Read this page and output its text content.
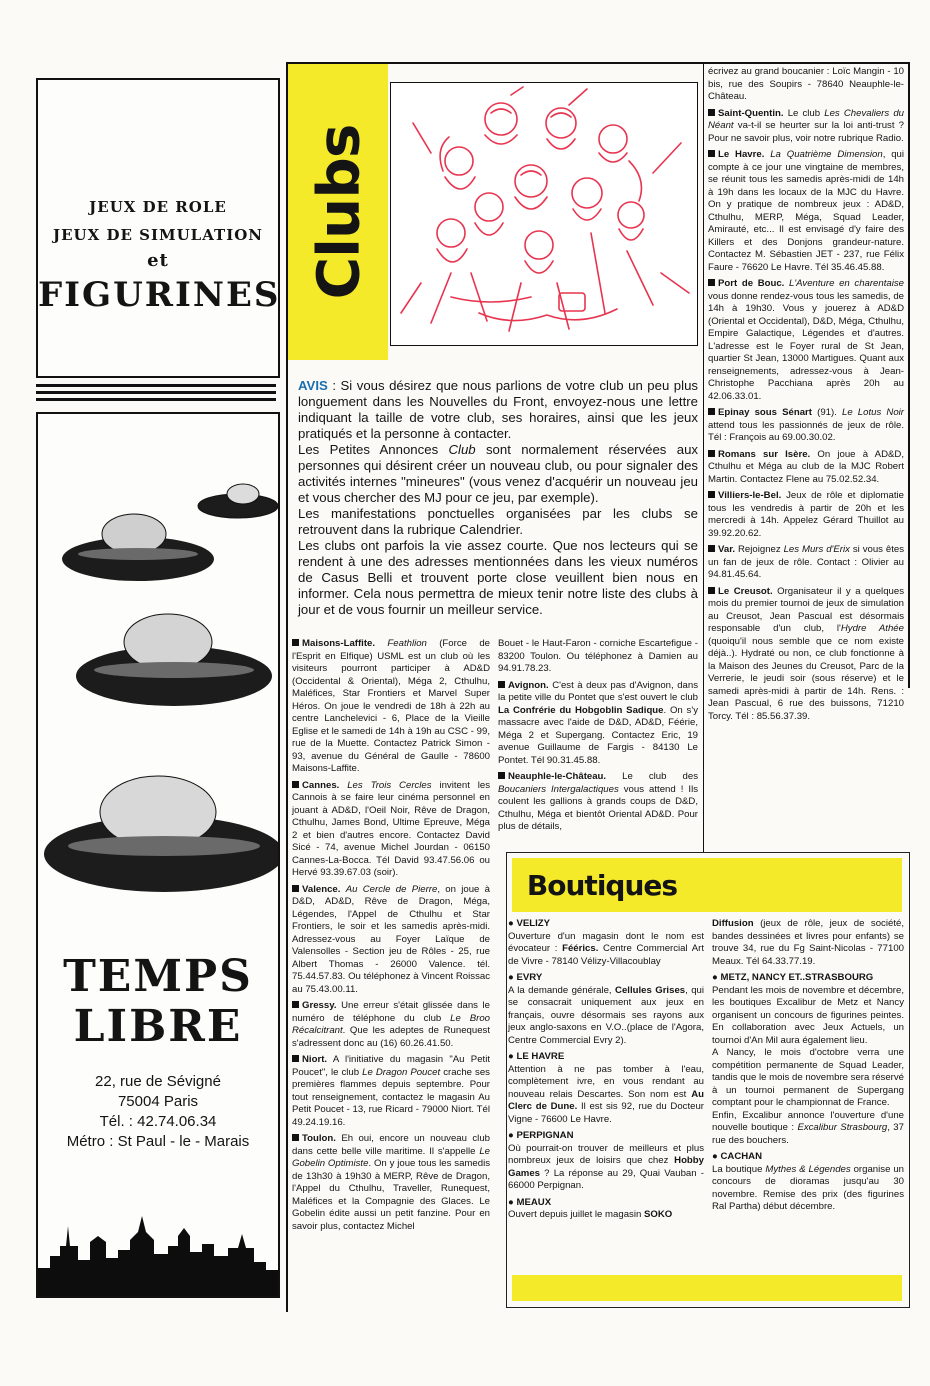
JEUX DE ROLE
JEUX DE SIMULATION
et
FIGURINES
TEMPS
LIBRE
22, rue de Sévigné
75004 Paris
Tél. : 42.74.06.34
Métro : St Paul - le - Marais
Clubs

AVIS : Si vous désirez que nous parlions de votre club un peu plus longuement dans les Nouvelles du Front, envoyez-nous une lettre indiquant la taille de votre club, ses horaires, ainsi que les jeux pratiqués et la personne à contacter.

Les Petites Annonces Club sont normalement réservées aux personnes qui désirent créer un nouveau club, ou pour signaler des activités internes "mineures" (vous venez d'acquérir un nouveau jeu et vous chercher des MJ pour ce jeu, par exemple).

Les manifestations ponctuelles organisées par les clubs se retrouvent dans la rubrique Calendrier.

Les clubs ont parfois la vie assez courte. Que nos lecteurs qui se rendent à une des adresses mentionnées dans les vieux numéros de Casus Belli et trouvent porte close veuillent bien nous en informer. Cela nous permettra de mieux tenir notre liste des clubs à jour et de vous fournir un meilleur service.

Maisons-Laffite. Feathlion (Force de l'Esprit en Elfique) USML est un club où les visiteurs pourront participer à AD&D (Occidental & Oriental), Méga 2, Cthulhu, Maléfices, Star Frontiers et Marvel Super Héros. On joue le vendredi de 18h à 22h au centre Lanchelevici - 6, Place de la Vieille Eglise et le samedi de 14h à 19h au CSC - 99, rue de la Muette. Contactez Patrick Simon - 93, avenue du Général de Gaulle - 78600 Maisons-Laffite.

Cannes. Les Trois Cercles invitent les Cannois à se faire leur cinéma personnel en jouant à AD&D, l'Oeil Noir, Rêve de Dragon, Cthulhu, James Bond, Ultime Epreuve, Méga 2 et bien d'autres encore. Contactez David Sicé - 74, avenue Michel Jourdan - 06150 Cannes-La-Bocca. Tél David 93.47.56.06 ou Hervé 93.39.67.03 (soir).

Valence. Au Cercle de Pierre, on joue à D&D, AD&D, Rêve de Dragon, Méga, Légendes, l'Appel de Cthulhu et Star Frontiers, le soir et les samedis après-midi. Adressez-vous au Foyer Laïque de Valensolles - Section jeu de Rôles - 25, rue Albert Thomas - 26000 Valence. tél. 75.44.57.83. Ou téléphonez à Vincent Roissac au 75.43.00.11.

Gressy. Une erreur s'était glissée dans le numéro de téléphone du club Le Broo Récalcitrant. Que les adeptes de Runequest s'adressent donc au (16) 60.26.41.50.

Niort. A l'initiative du magasin "Au Petit Poucet", le club Le Dragon Poucet crache ses premières flammes depuis septembre. Pour tout renseignement, contactez le magasin Au Petit Poucet - 13, rue Ricard - 79000 Niort. Tél 49.24.19.16.

Toulon. Eh oui, encore un nouveau club dans cette belle ville maritime. Il s'appelle Le Gobelin Optimiste. On y joue tous les samedis de 13h30 à 19h30 à MERP, Rêve de Dragon, l'Appel du Cthulhu, Traveller, Runequest, Maléfices et la Compagnie des Glaces. Le Gobelin édite aussi un petit fanzine. Pour en savoir plus, contactez Michel

Bouet - le Haut-Faron - corniche Escartefigue - 83200 Toulon. Ou téléphonez à Damien au 94.91.78.23.

Avignon. C'est à deux pas d'Avignon, dans la petite ville du Pontet que s'est ouvert le club La Confrérie du Hobgoblin Sadique. On s'y massacre avec l'aide de D&D, AD&D, Féérie, Méga 2 et Supergang. Contactez Eric, 19 avenue Guillaume de Fargis - 84130 Le Pontet. Tél 90.31.45.88.

Neauphle-le-Château. Le club des Boucaniers Intergalactiques vous attend ! Ils coulent les gallions à grands coups de D&D, Cthulhu, Méga et bientôt Oriental AD&D. Pour plus de détails,

écrivez au grand boucanier : Loïc Mangin - 10 bis, rue des Soupirs - 78640 Neauphle-le-Château.

Saint-Quentin. Le club Les Chevaliers du Néant va-t-il se heurter sur la loi anti-trust ? Pour ne savoir plus, voir notre rubrique Radio.

Le Havre. La Quatrième Dimension, qui compte à ce jour une vingtaine de membres, se réunit tous les samedis après-midi de 14h à 19h dans les locaux de la MJC du Havre. On y pratique de nombreux jeux : AD&D, Cthulhu, MERP, Méga, Squad Leader, Amirauté, etc... Il est envisagé d'y faire des Killers et des Donjons grandeur-nature. Contactez M. Sébastien JET - 237, rue Félix Faure - 76620 Le Havre. Tél 35.46.45.88.

Port de Bouc. L'Aventure en charentaise vous donne rendez-vous tous les samedis, de 14h à 19h30. Vous y jouerez à AD&D (Oriental et Occidental), D&D, Méga, Cthulhu, Empire Galactique, Légendes et d'autres. L'adresse est le Foyer rural de St Jean, quartier St Jean, 13000 Martigues. Quant aux renseignements, adressez-vous à Jean-Christophe Pacchiana après 20h au 42.06.33.01.

Epinay sous Sénart (91). Le Lotus Noir attend tous les passionnés de jeux de rôle. Tél : François au 69.00.30.02.

Romans sur Isère. On joue à AD&D, Cthulhu et Méga au club de la MJC Robert Martin. Contactez Flene au 75.02.52.34.

Villiers-le-Bel. Jeux de rôle et diplomatie tous les vendredis à partir de 20h et les mercredi à 14h. Appelez Gérard Thuillot au 39.92.20.62.

Var. Rejoignez Les Murs d'Erix si vous êtes un fan de jeux de rôle. Contact : Olivier au 94.81.45.64.

Le Creusot. Organisateur il y a quelques mois du premier tournoi de jeux de simulation au Creusot, Jean Pascual est désormais responsable d'un club, l'Hydre Athée (quoiqu'il nous semble que ce nom existe déjà..). Hydraté ou non, ce club fonctionne à la Maison des Jeunes du Creusot, Parc de la Verrerie, le jeudi soir (sous réserve) et le samedi après-midi à partir de 14h. Rens. : Jean Pascual, 6 rue des buissons, 71210 Torcy. Tél : 85.56.37.39.

Boutiques

● VELIZY
Ouverture d'un magasin dont le nom est évocateur : Féérics. Centre Commercial Art de Vivre - 78140 Vélizy-Villacoublay

● EVRY
A la demande générale, Cellules Grises, qui se consacrait uniquement aux jeux en français, ouvre désormais ses rayons aux jeux anglo-saxons en V.O..(place de l'Agora, Centre Commercial Evry 2).

● LE HAVRE
Attention à ne pas tomber à l'eau, complètement ivre, en vous rendant au nouveau relais Descartes. Son nom est Au Clerc de Dune. Il est sis 92, rue du Docteur Vigne - 76600 Le Havre.

● PERPIGNAN
Où pourrait-on trouver de meilleurs et plus nombreux jeux de loisirs que chez Hobby Games ? La réponse au 29, Quai Vauban - 66000 Perpignan.

● MEAUX
Ouvert depuis juillet le magasin SOKO

Diffusion (jeux de rôle, jeux de société, bandes dessinées et livres pour enfants) se trouve 34, rue du Fg Saint-Nicolas - 77100 Meaux. Tél 64.33.77.19.

● METZ, NANCY ET..STRASBOURG
Pendant les mois de novembre et décembre, les boutiques Excalibur de Metz et Nancy organisent un concours de figurines peintes. En collaboration avec Jeux Actuels, un tournoi d'An Mil aura également lieu.

A Nancy, le mois d'octobre verra une compétition permanente de Squad Leader, tandis que le mois de novembre sera réservé à un tournoi permanent de Supergang comptant pour le championnat de France.

Enfin, Excalibur annonce l'ouverture d'une nouvelle boutique : Excalibur Strasbourg, 37 rue des bouchers.

● CACHAN
La boutique Mythes & Légendes organise un concours de dioramas jusqu'au 30 novembre. Remise des prix (des figurines Ral Partha) début décembre.
